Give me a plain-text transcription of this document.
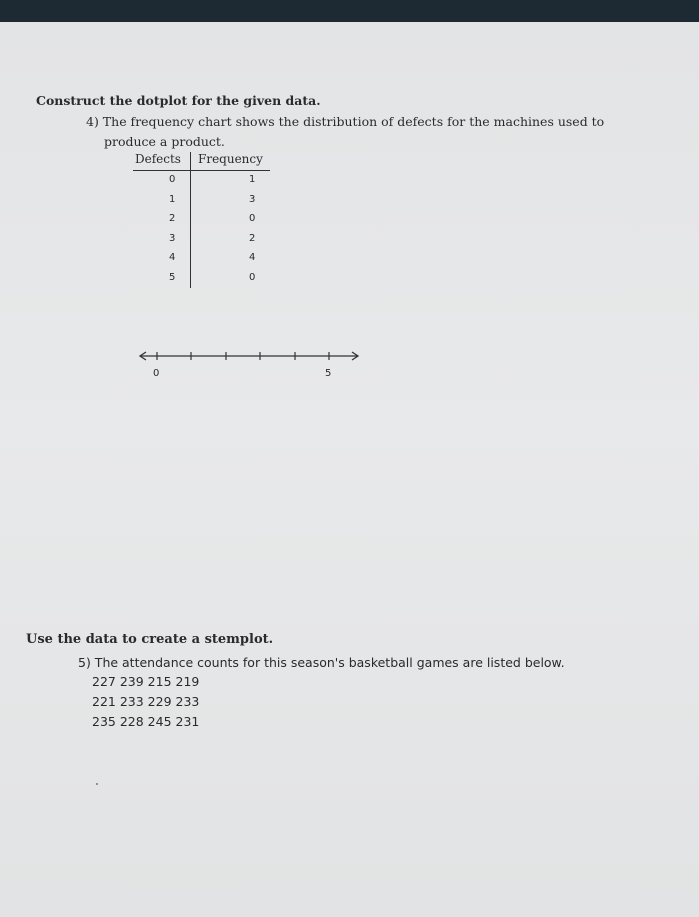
Construct the dotplot for the given data.
4) The frequency chart shows the distribution of defects for the machines used to
produce a product.
Defects Frequency
0	1
1	3
2	0
3	2
4	4
5	0
0	5
Use the data to create a stemplot.
5) The attendance counts for this season's basketball games are listed below.
227 239 215 219
221 233 229 233
235 228 245 231
